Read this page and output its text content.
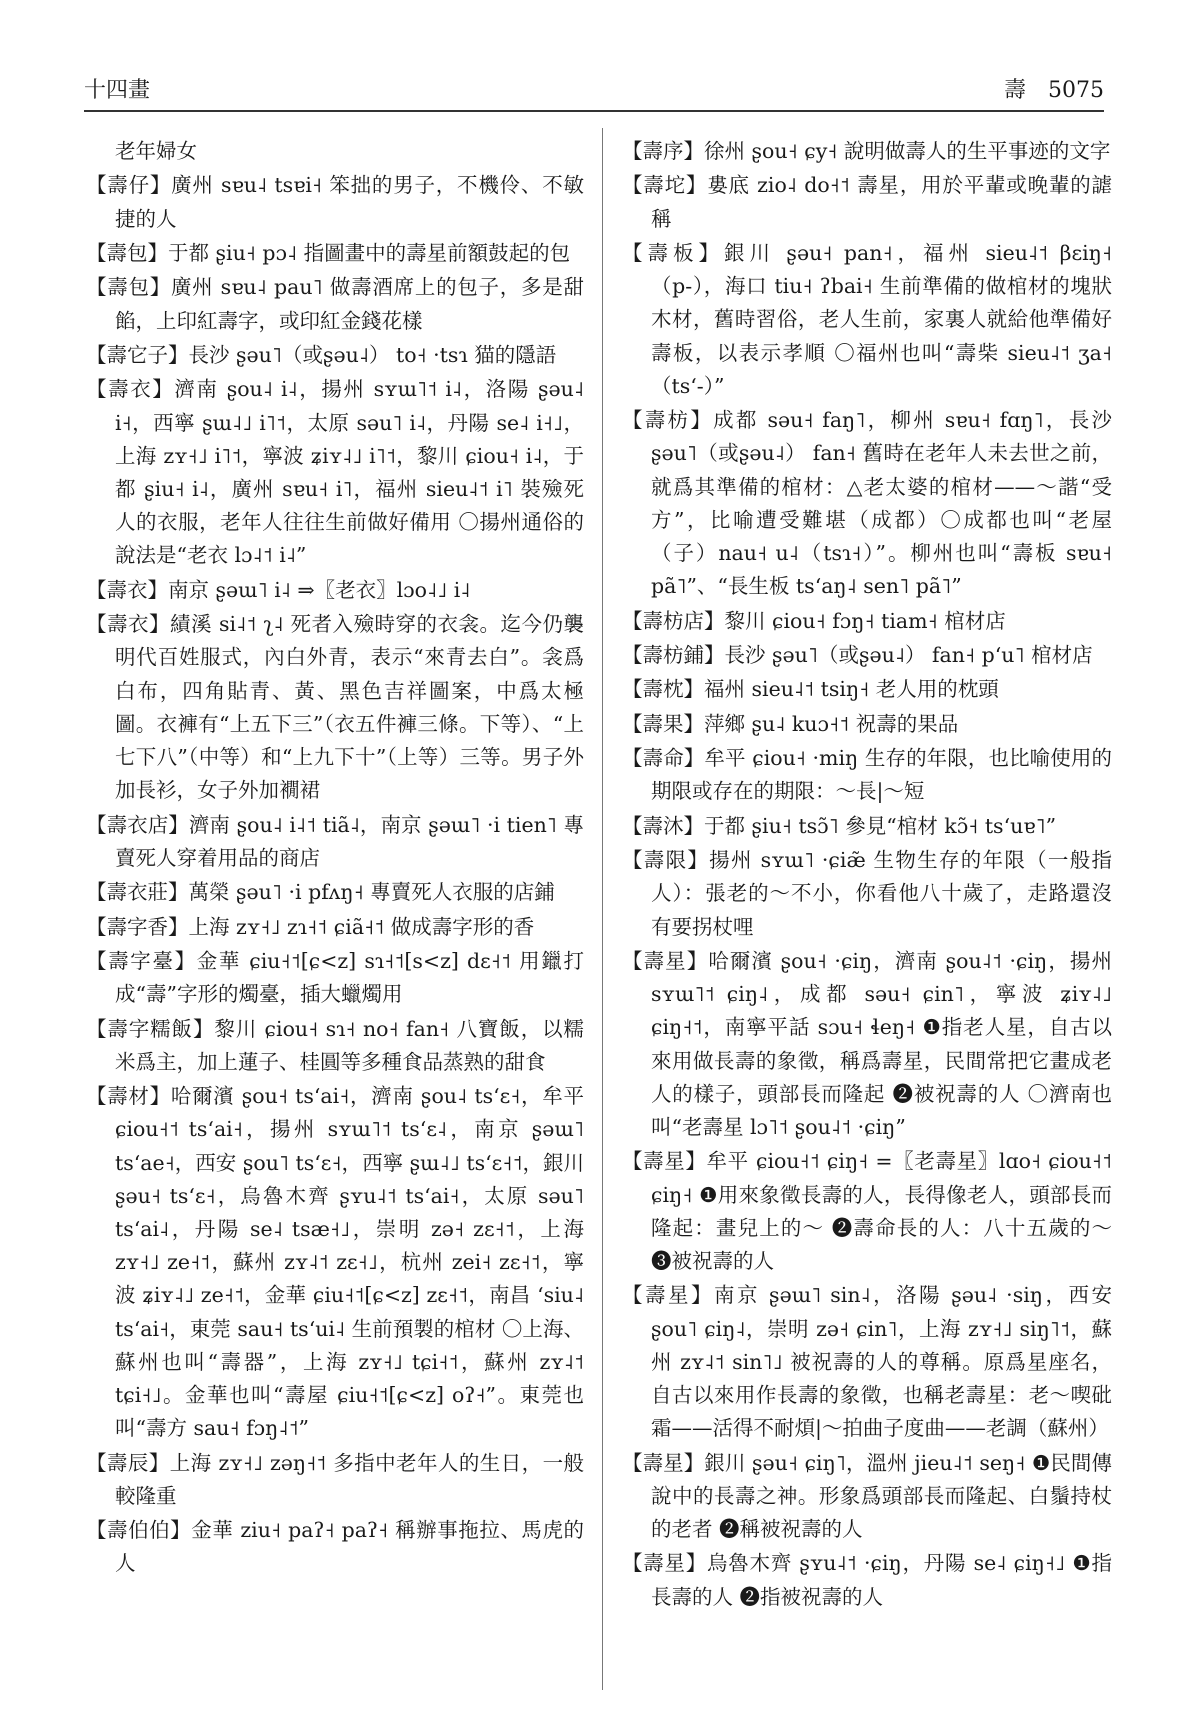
十四畫	壽　5075

老年婦女

【壽仔】廣州 sɐu˨ tsɐi˧ 笨拙的男子，不機伶、不敏捷的人

【壽包】于都 ʂiu˧ pɔ˨ 指圖畫中的壽星前額鼓起的包

【壽包】廣州 sɐu˨ pau˥ 做壽酒席上的包子，多是甜餡，上印紅壽字，或印紅金錢花樣

【壽它子】長沙 ʂəu˥（或ʂəu˨） to˧ ·tsɿ 猫的隱語

【壽衣】濟南 ʂou˨ i˨，揚州 sʏɯ˥˦ i˨，洛陽 ʂəu˨ i˧，西寧 ʂɯ˨˩ i˥˦，太原 səu˥ i˨，丹陽 se˨ i˧˩，上海 zʏ˧˩ i˥˦，寧波 ʑiʏ˨˩ i˥˦，黎川 ɕiou˧ i˨，于都 ʂiu˧ i˨，廣州 sɐu˧ i˥，福州 sieu˨˦ i˥ 裝殮死人的衣服，老年人往往生前做好備用 〇揚州通俗的說法是“老衣 lɔ˨˦ i˨”

【壽衣】南京 ʂəɯ˥ i˨ ⇒〖老衣〗lɔo˨˩ i˨

【壽衣】績溪 si˨˦ ʅ˨ 死者入殮時穿的衣衾。迄今仍襲明代百姓服式，內白外青，表示“來青去白”。衾爲白布，四角貼青、黃、黑色吉祥圖案，中爲太極圖。衣褲有“上五下三”（衣五件褲三條。下等）、“上七下八”（中等）和“上九下十”（上等）三等。男子外加長衫，女子外加襉裙

【壽衣店】濟南 ʂou˨ i˨˦ tiã˨，南京 ʂəɯ˥ ·i tien˥ 專賣死人穿着用品的商店

【壽衣莊】萬榮 ʂəu˥ ·i pfʌŋ˧ 專賣死人衣服的店鋪

【壽字香】上海 zʏ˧˩ zɿ˧˦ ɕiã˧˦ 做成壽字形的香

【壽字臺】金華 ɕiu˧˦[ɕ<z] sɿ˧˦[s<z] dɛ˧˦ 用鑞打成“壽”字形的燭臺，插大蠟燭用

【壽字糯飯】黎川 ɕiou˧ sɿ˧ no˧ fan˧ 八寶飯，以糯米爲主，加上蓮子、桂圓等多種食品蒸熟的甜食

【壽材】哈爾濱 ʂou˧ tsʻai˧，濟南 ʂou˨ tsʻɛ˧，牟平 ɕiou˧˦ tsʻai˧，揚州 sʏɯ˥˦ tsʻɛ˨，南京 ʂəɯ˥ tsʻae˧，西安 ʂou˥ tsʻɛ˧，西寧 ʂɯ˨˩ tsʻɛ˧˦，銀川 ʂəu˧ tsʻɛ˧，烏魯木齊 ʂʏu˨˦ tsʻai˧，太原 səu˥ tsʻai˨，丹陽 se˨ tsæ˧˩，崇明 zə˧ zɛ˧˦，上海 zʏ˧˩ ze˧˦，蘇州 zʏ˨˦ zɛ˧˩，杭州 zei˧ zɛ˧˦，寧波 ʑiʏ˨˩ ze˧˦，金華 ɕiu˧˦[ɕ<z] zɛ˧˦，南昌 ʻsiu˨ tsʻai˧，東莞 sau˧ tsʻui˨ 生前預製的棺材 〇上海、蘇州也叫“壽器”，上海 zʏ˧˩ tɕi˧˦，蘇州 zʏ˨˦ tɕi˧˩。金華也叫“壽屋 ɕiu˧˦[ɕ<z] oʔ˧”。東莞也叫“壽方 sau˧ fɔŋ˨˦”

【壽辰】上海 zʏ˧˩ zəŋ˧˦ 多指中老年人的生日，一般較隆重

【壽伯伯】金華 ziu˧ paʔ˧ paʔ˧ 稱辦事拖拉、馬虎的人

【壽序】徐州 ʂou˧ ɕy˧ 說明做壽人的生平事迹的文字

【壽坨】婁底 zio˨ do˧˦ 壽星，用於平輩或晚輩的謔稱

【壽板】銀川 ʂəu˧ pan˧，福州 sieu˨˦ βɛiŋ˧（p-），海口 tiu˧ ʔbai˧ 生前準備的做棺材的塊狀木材，舊時習俗，老人生前，家裏人就給他準備好壽板，以表示孝順 〇福州也叫“壽柴 sieu˨˦ ʒa˧（tsʻ-）”

【壽枋】成都 səu˧ faŋ˥，柳州 sɐu˧ fɑŋ˥，長沙 ʂəu˥（或ʂəu˨） fan˧ 舊時在老年人未去世之前，就爲其準備的棺材：△老太婆的棺材——～諧“受方”，比喻遭受難堪（成都）〇成都也叫“老屋（子）nau˧ u˨（tsɿ˧）”。柳州也叫“壽板 sɐu˧ pã˥”、“長生板 tsʻaŋ˨ sen˥ pã˥”

【壽枋店】黎川 ɕiou˧ fɔŋ˧ tiam˧ 棺材店

【壽枋鋪】長沙 ʂəu˥（或ʂəu˨） fan˧ pʻu˥ 棺材店

【壽枕】福州 sieu˨˦ tsiŋ˧ 老人用的枕頭

【壽果】萍鄉 ʂu˨ kuɔ˧˦ 祝壽的果品

【壽命】牟平 ɕiou˧ ·miŋ 生存的年限，也比喻使用的期限或存在的期限：～長|～短

【壽沐】于都 ʂiu˧ tsɔ̃˥ 參見“棺材 kɔ̃˧ tsʻuɐ˥”

【壽限】揚州 sʏɯ˥ ·ɕiæ̃ 生物生存的年限（一般指人）：張老的～不小，你看他八十歲了，走路還沒有要拐杖哩

【壽星】哈爾濱 ʂou˧ ·ɕiŋ，濟南 ʂou˨˦ ·ɕiŋ，揚州 sʏɯ˥˦ ɕiŋ˨，成都 səu˧ ɕin˥，寧波 ʑiʏ˨˩ ɕiŋ˧˦，南寧平話 sɔu˧ ɬeŋ˧ ❶指老人星，自古以來用做長壽的象徵，稱爲壽星，民間常把它畫成老人的樣子，頭部長而隆起 ❷被祝壽的人 〇濟南也叫“老壽星 lɔ˥˦ ʂou˨˦ ·ɕiŋ”

【壽星】牟平 ɕiou˧˦ ɕiŋ˧ =〖老壽星〗lɑo˧ ɕiou˧˦ ɕiŋ˧ ❶用來象徵長壽的人，長得像老人，頭部長而隆起：畫兒上的～ ❷壽命長的人：八十五歲的～ ❸被祝壽的人

【壽星】南京 ʂəɯ˥ sin˨，洛陽 ʂəu˨ ·siŋ，西安 ʂou˥ ɕiŋ˨，崇明 zə˧ ɕin˥，上海 zʏ˧˩ siŋ˥˦，蘇州 zʏ˨˦ sin˥˩ 被祝壽的人的尊稱。原爲星座名，自古以來用作長壽的象徵，也稱老壽星：老～喫砒霜——活得不耐煩|～拍曲子度曲——老調（蘇州）

【壽星】銀川 ʂəu˧ ɕiŋ˥，溫州 jieu˨˦ seŋ˧ ❶民間傳說中的長壽之神。形象爲頭部長而隆起、白鬚持杖的老者 ❷稱被祝壽的人

【壽星】烏魯木齊 ʂʏu˨˦ ·ɕiŋ，丹陽 se˨ ɕiŋ˧˩ ❶指長壽的人 ❷指被祝壽的人
